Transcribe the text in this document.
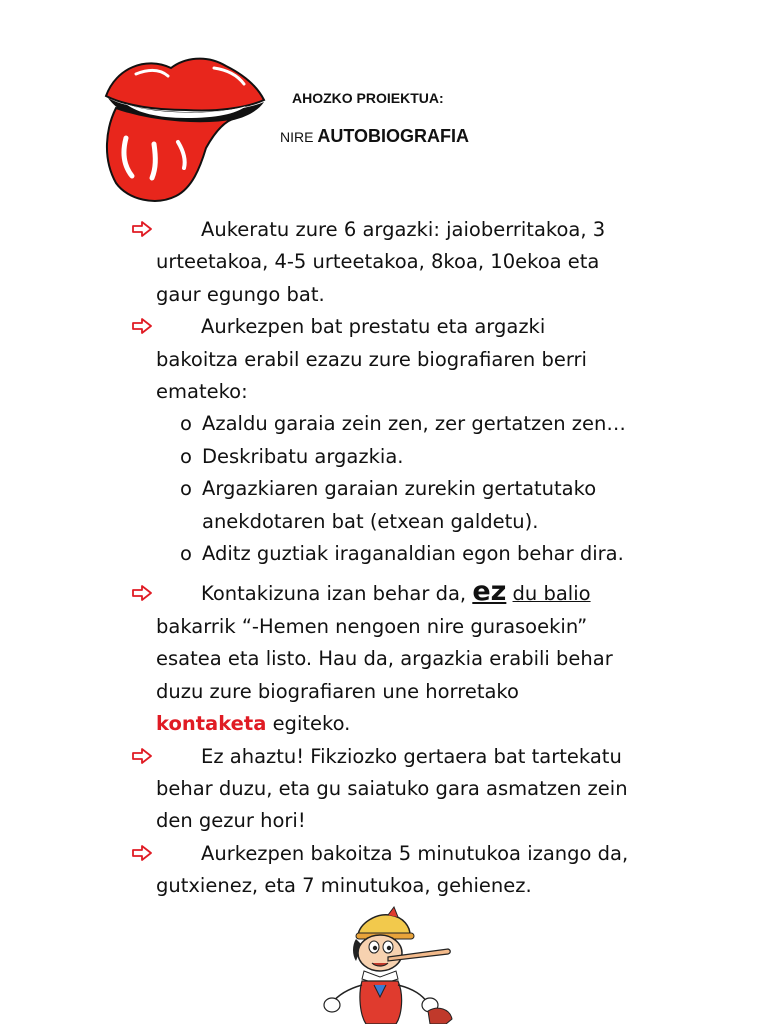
AHOZKO PROIEKTUA:
NIRE AUTOBIOGRAFIA
Aukeratu zure 6 argazki: jaioberritakoa, 3
urteetakoa, 4-5 urteetakoa, 8koa, 10ekoa eta
gaur egungo bat.
Aurkezpen bat prestatu eta argazki
bakoitza erabil ezazu zure biografiaren berri
emateko:
o Azaldu garaia zein zen, zer gertatzen zen…
o Deskribatu argazkia.
o Argazkiaren garaian zurekin gertatutako
anekdotaren bat (etxean galdetu).
o Aditz guztiak iraganaldian egon behar dira.
Kontakizuna izan behar da, ez du balio
bakarrik “-Hemen nengoen nire gurasoekin”
esatea eta listo. Hau da, argazkia erabili behar
duzu zure biografiaren une horretako
kontaketa egiteko.
Ez ahaztu! Fikziozko gertaera bat tartekatu
behar duzu, eta gu saiatuko gara asmatzen zein
den gezur hori!
Aurkezpen bakoitza 5 minutukoa izango da,
gutxienez, eta 7 minutukoa, gehienez.
